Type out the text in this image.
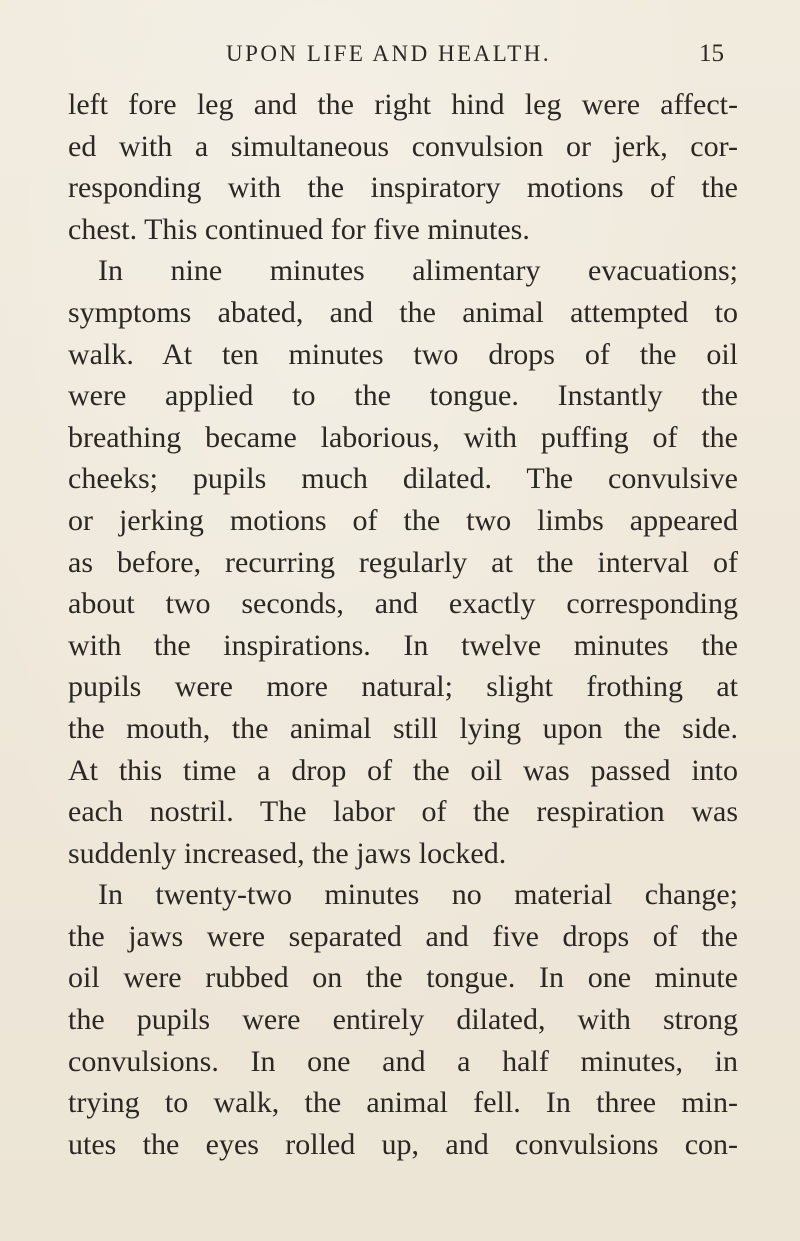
UPON LIFE AND HEALTH.	15
left fore leg and the right hind leg were affect-
ed with a simultaneous convulsion or jerk, cor-
responding with the inspiratory motions of the
chest. This continued for five minutes.
In nine minutes alimentary evacuations;
symptoms abated, and the animal attempted to
walk. At ten minutes two drops of the oil
were applied to the tongue. Instantly the
breathing became laborious, with puffing of the
cheeks; pupils much dilated. The convulsive
or jerking motions of the two limbs appeared
as before, recurring regularly at the interval of
about two seconds, and exactly corresponding
with the inspirations. In twelve minutes the
pupils were more natural; slight frothing at
the mouth, the animal still lying upon the side.
At this time a drop of the oil was passed into
each nostril. The labor of the respiration was
suddenly increased, the jaws locked.
In twenty-two minutes no material change;
the jaws were separated and five drops of the
oil were rubbed on the tongue. In one minute
the pupils were entirely dilated, with strong
convulsions. In one and a half minutes, in
trying to walk, the animal fell. In three min-
utes the eyes rolled up, and convulsions con-
